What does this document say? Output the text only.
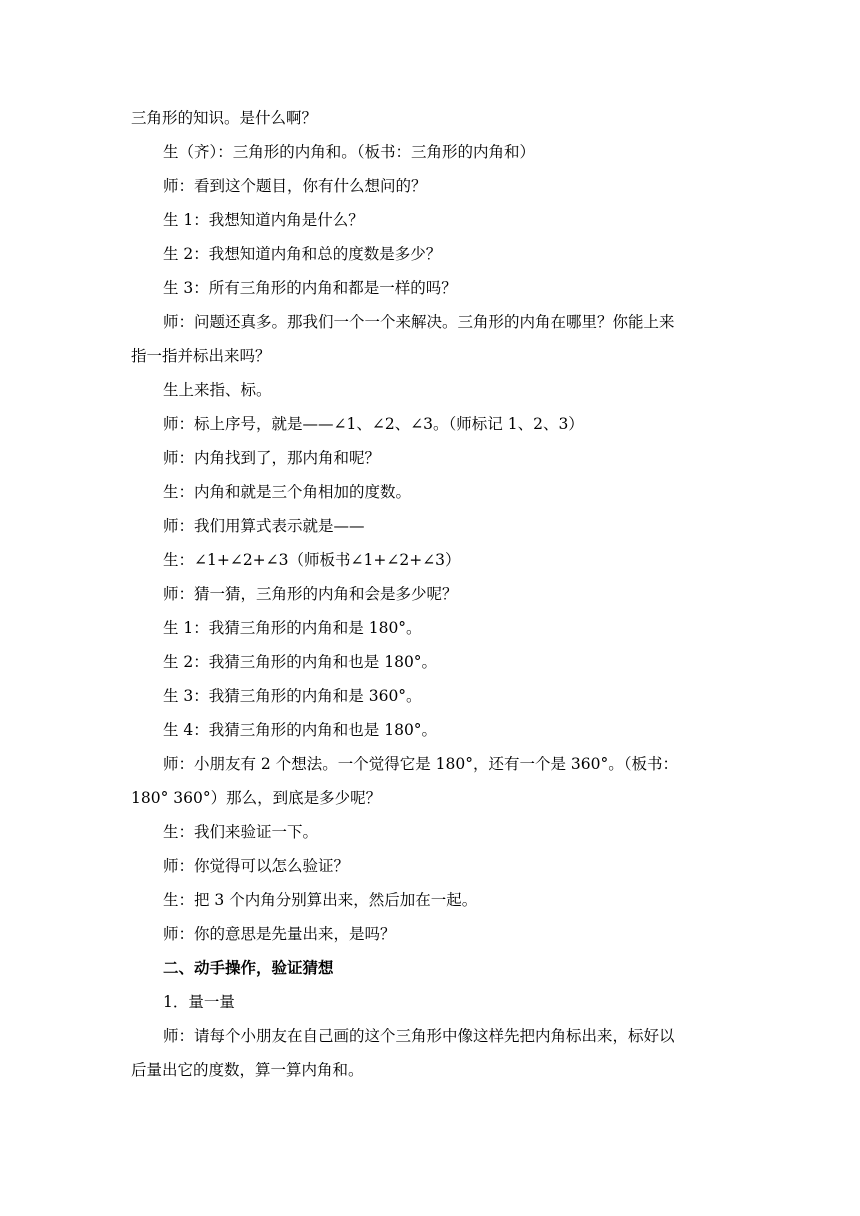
三角形的知识。是什么啊？
生（齐）：三角形的内角和。（板书：三角形的内角和）
师：看到这个题目，你有什么想问的？
生 1：我想知道内角是什么？
生 2：我想知道内角和总的度数是多少？
生 3：所有三角形的内角和都是一样的吗？
师：问题还真多。那我们一个一个来解决。三角形的内角在哪里？你能上来
指一指并标出来吗？
生上来指、标。
师：标上序号，就是——∠1、∠2、∠3。（师标记 1、2、3）
师：内角找到了，那内角和呢？
生：内角和就是三个角相加的度数。
师：我们用算式表示就是——
生：∠1+∠2+∠3（师板书∠1+∠2+∠3）
师：猜一猜，三角形的内角和会是多少呢？
生 1：我猜三角形的内角和是 180°。
生 2：我猜三角形的内角和也是 180°。
生 3：我猜三角形的内角和是 360°。
生 4：我猜三角形的内角和也是 180°。
师：小朋友有 2 个想法。一个觉得它是 180°，还有一个是 360°。（板书：
180° 360°）那么，到底是多少呢？
生：我们来验证一下。
师：你觉得可以怎么验证？
生：把 3 个内角分别算出来，然后加在一起。
师：你的意思是先量出来，是吗？
二、动手操作，验证猜想
1．量一量
师：请每个小朋友在自己画的这个三角形中像这样先把内角标出来，标好以
后量出它的度数，算一算内角和。
